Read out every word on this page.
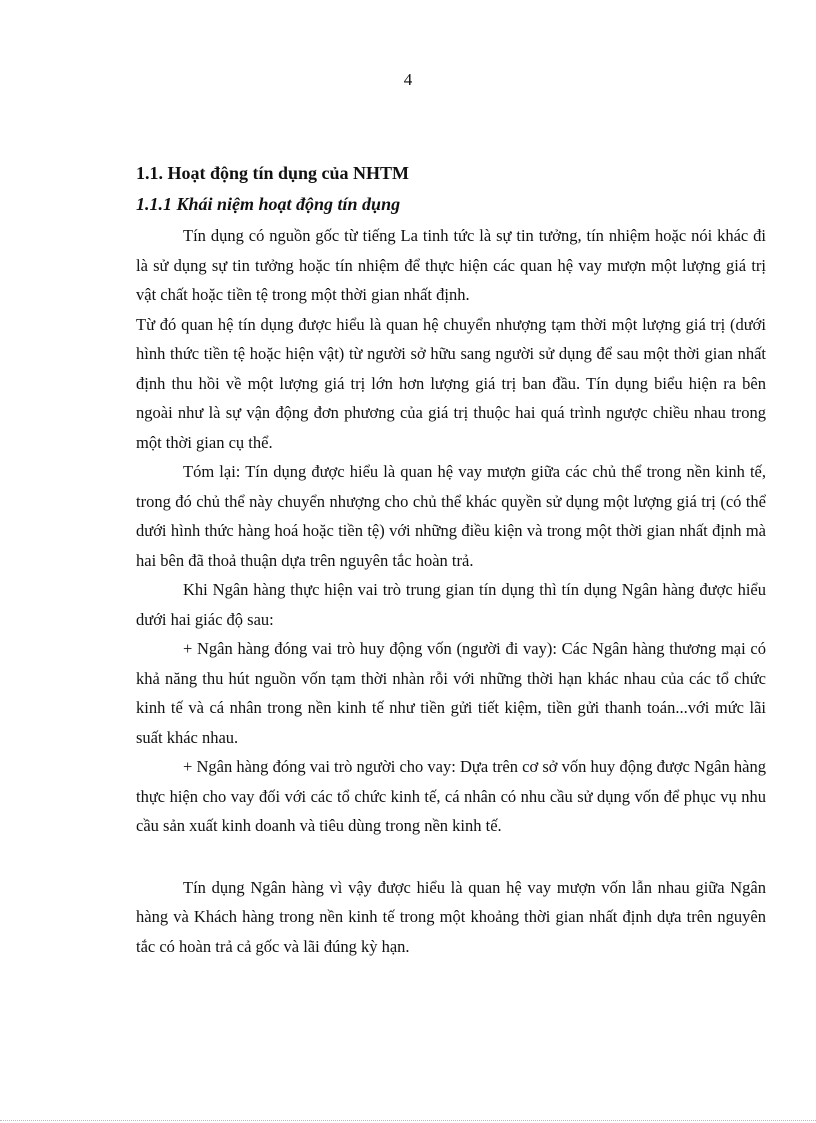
4
1.1. Hoạt động tín dụng của NHTM
1.1.1 Khái niệm hoạt động tín dụng

Tín dụng có nguồn gốc từ tiếng La tinh tức là sự tin tưởng, tín nhiệm hoặc nói khác đi là sử dụng sự tin tưởng hoặc tín nhiệm để thực hiện các quan hệ vay mượn một lượng giá trị vật chất hoặc tiền tệ trong một thời gian nhất định.

Từ đó quan hệ tín dụng được hiểu là quan hệ chuyển nhượng tạm thời một lượng giá trị (dưới hình thức tiền tệ hoặc hiện vật) từ người sở hữu sang người sử dụng để sau một thời gian nhất định thu hồi về một lượng giá trị lớn hơn lượng giá trị ban đầu. Tín dụng biểu hiện ra bên ngoài như là sự vận động đơn phương của giá trị thuộc hai quá trình ngược chiều nhau trong một thời gian cụ thể.

Tóm lại: Tín dụng được hiểu là quan hệ vay mượn giữa các chủ thể trong nền kinh tế, trong đó chủ thể này chuyển nhượng cho chủ thể khác quyền sử dụng một lượng giá trị (có thể dưới hình thức hàng hoá hoặc tiền tệ) với những điều kiện và trong một thời gian nhất định mà hai bên đã thoả thuận dựa trên nguyên tắc hoàn trả.

Khi Ngân hàng thực hiện vai trò trung gian tín dụng thì tín dụng Ngân hàng được hiểu dưới hai giác độ sau:

+ Ngân hàng đóng vai trò huy động vốn (người đi vay): Các Ngân hàng thương mại có khả năng thu hút nguồn vốn tạm thời nhàn rỗi với những thời hạn khác nhau của các tổ chức kinh tế và cá nhân trong nền kinh tế như tiền gửi tiết kiệm, tiền gửi thanh toán...với mức lãi suất khác nhau.

+ Ngân hàng đóng vai trò người cho vay: Dựa trên cơ sở vốn huy động được Ngân hàng thực hiện cho vay đối với các tổ chức kinh tế, cá nhân có nhu cầu sử dụng vốn để phục vụ nhu cầu sản xuất kinh doanh và tiêu dùng trong nền kinh tế.

Tín dụng Ngân hàng vì vậy được hiểu là quan hệ vay mượn vốn lẫn nhau giữa Ngân hàng và Khách hàng trong nền kinh tế trong một khoảng thời gian nhất định dựa trên nguyên tắc có hoàn trả cả gốc và lãi đúng kỳ hạn.
